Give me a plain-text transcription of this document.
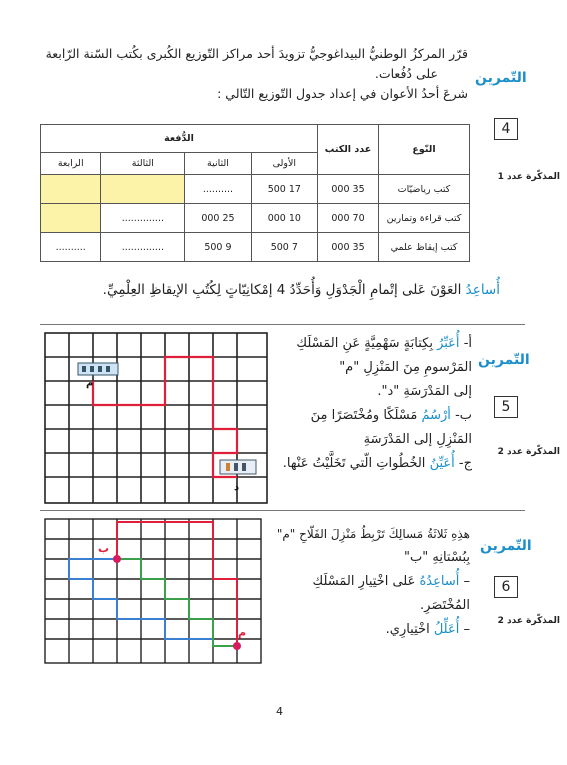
التّمرين
4
المذكّرة عدد 1
قرّر المركزُ الوطنيُّ البيداغوجيُّ تزويدَ أحد مراكز التّوزيع الكُبرى بكُتب السّنة الرّابعة
على دُفُعات.
شرعَ أحدُ الأعوان في إعداد جدول التّوزيع التّالي :
النّوع	عدد الكتب	الدُّفعة			
		الأولى	الثانية	الثالثة	الرابعة
كتب رياضيّات	35 000	17 500	..........		
كتب قراءة وتمارين	70 000	10 000	25 000	..............	
كتب إيقاظ علمي	35 000	7 500	9 500	..............	..........
أُساعِدُ العَوْنَ عَلى إتْمامِ الْجَدْوَلِ وَأُحَدِّدُ 4 إمْكانِيّاتٍ لِكُتُبِ الإيقاظِ العِلْمِيِّ.
التّمرين
5
المذكّرة عدد 2
م
د
أ- أُعَبِّرُ بِكِتابَةٍ سَهْمِيَّةٍ عَنِ المَسْلَكِ
المَرْسومِ مِنَ المَنْزِلِ "م"
إلى المَدْرَسَةِ "د".
ب- أرْسُمُ مَسْلَكًا ومُخْتَصَرًا مِنَ
المَنْزِلِ إلى المَدْرَسَةِ
ج- أُعَيِّنُ الخُطُواتِ الّتي تَخَلَّيْتُ عَنْها.
التّمرين
6
المذكّرة عدد 2
ب
م
هذِهِ ثَلاثَةُ مَسالِكَ تَرْبِطُ مَنْزِلَ الفَلّاحِ "م"
بِبُسْتانِهِ "ب"
– أُساعِدُهُ عَلى اخْتِيارِ المَسْلَكِ
المُخْتَصَرِ.
– أُعَلِّلُ اخْتِيارِي.
4
